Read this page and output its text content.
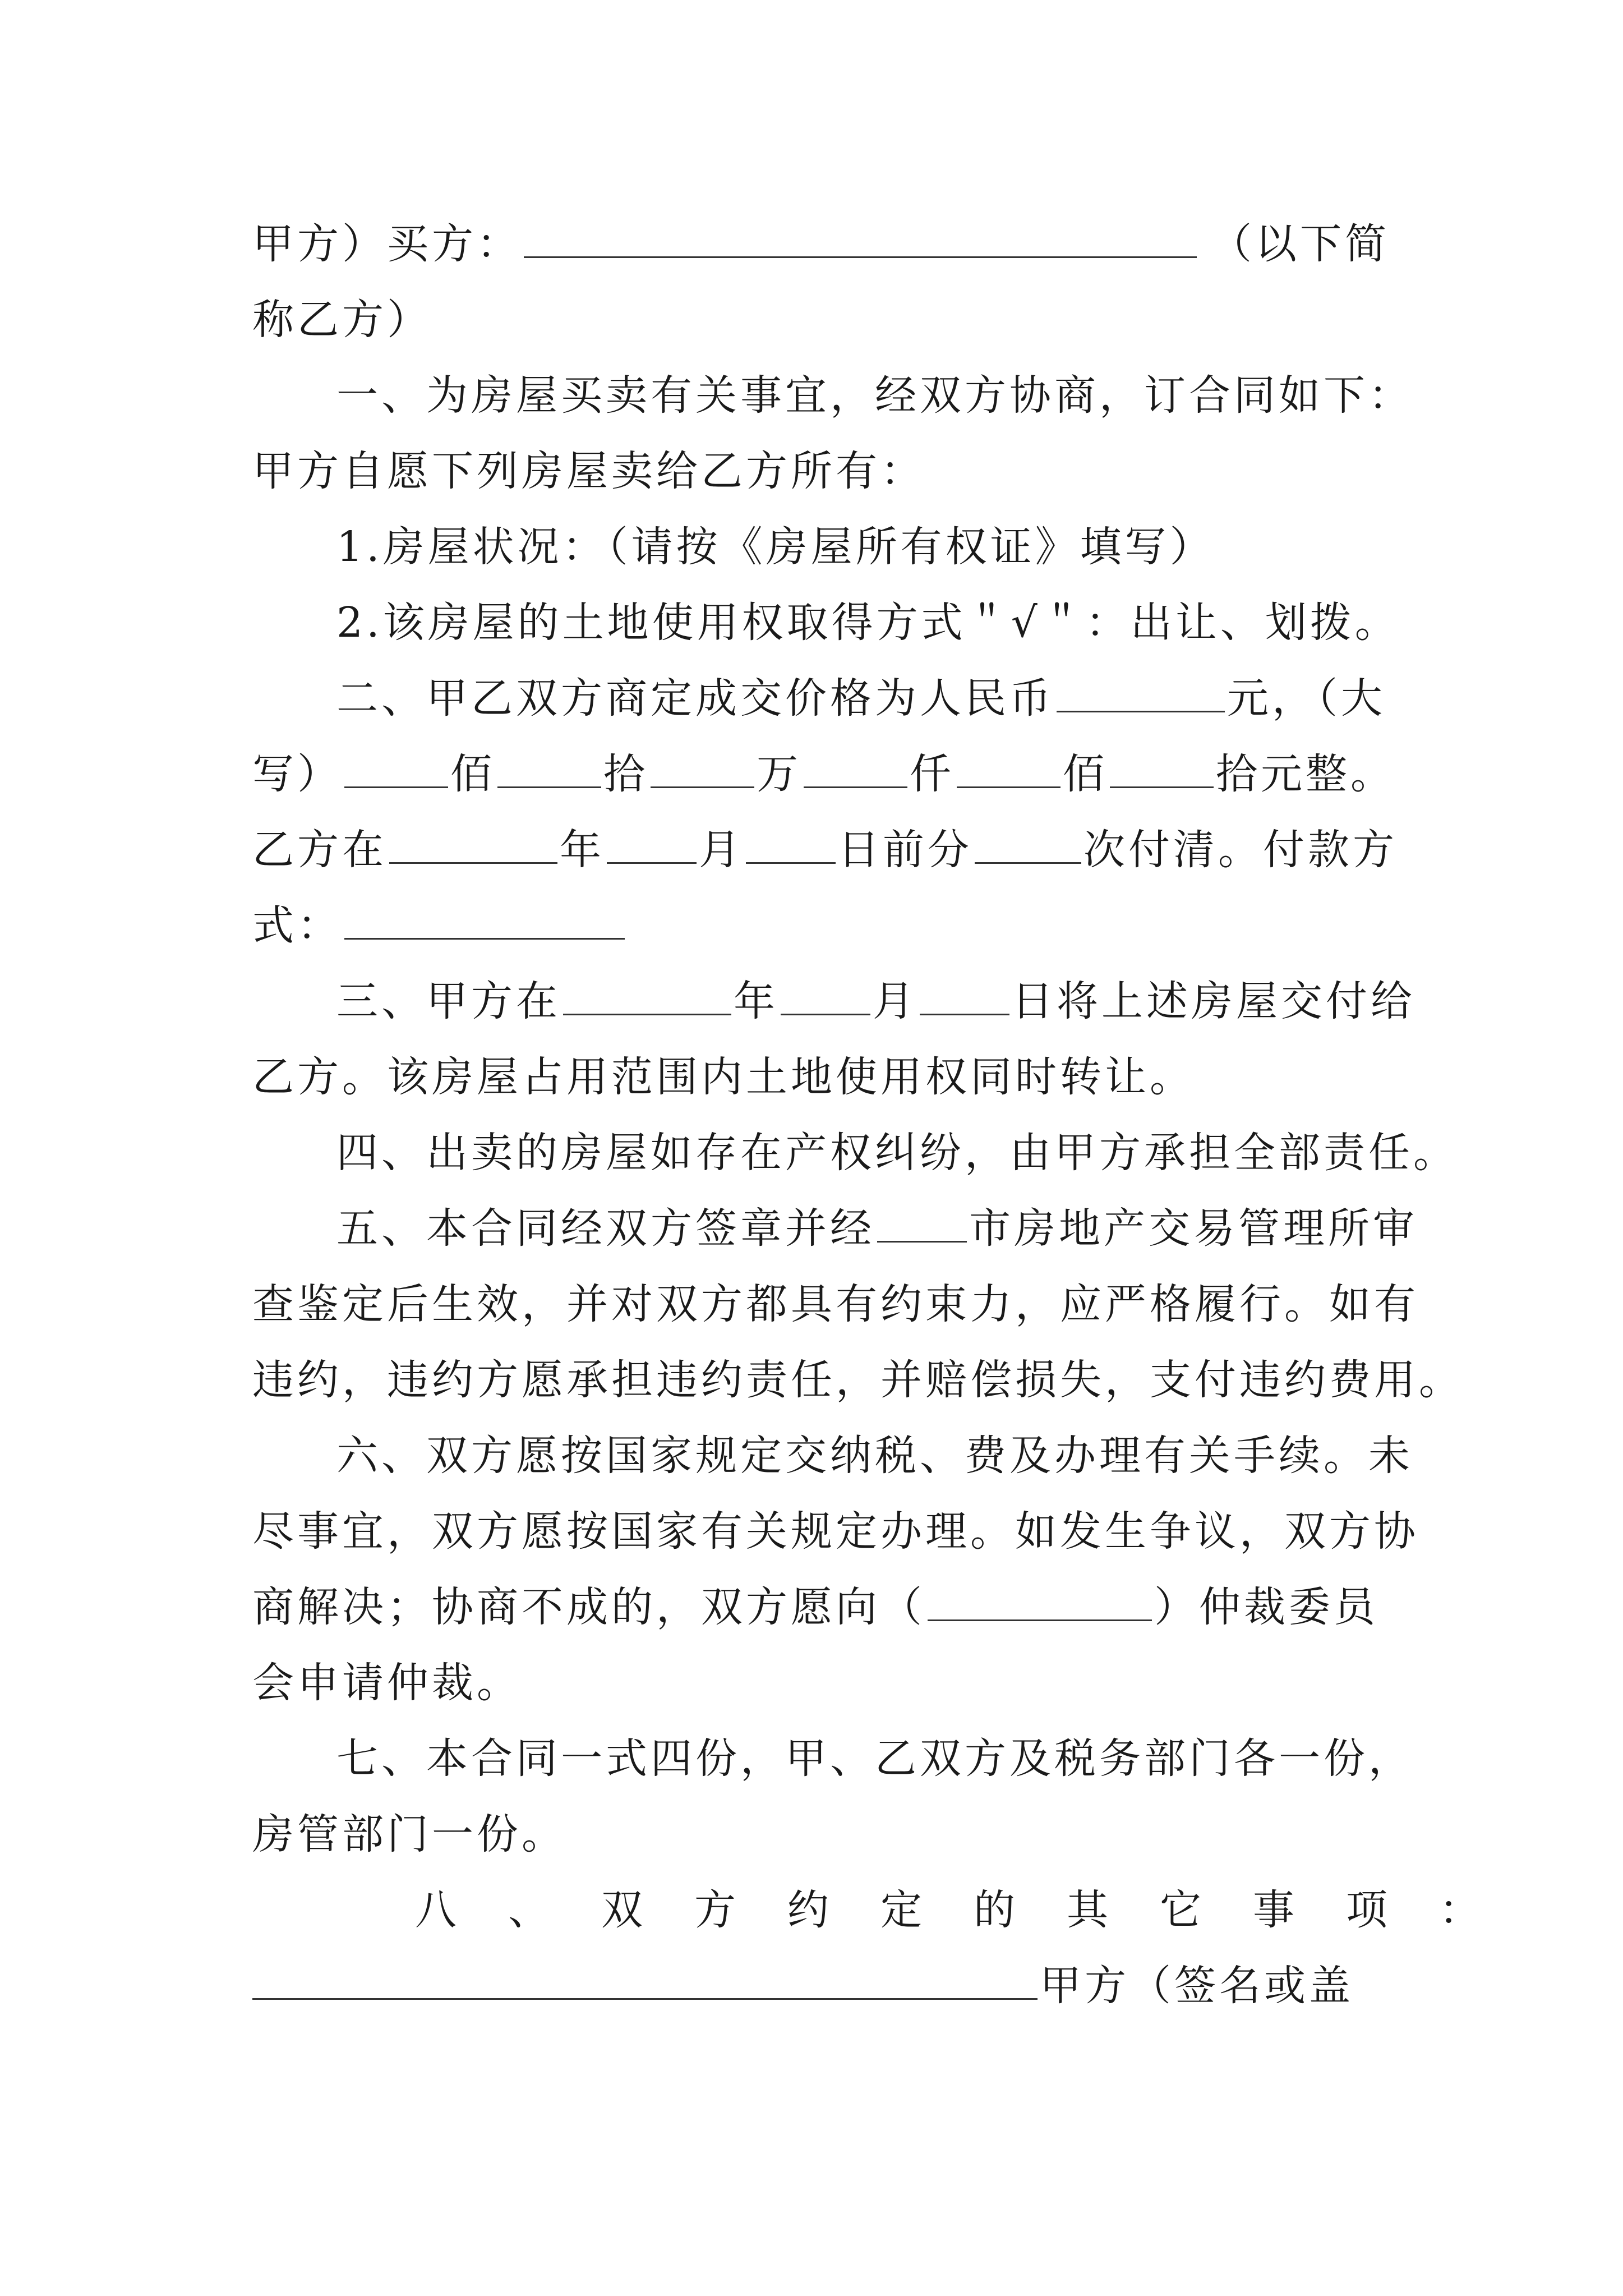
甲方）买方：	（以下简
称乙方）
一、为房屋买卖有关事宜，经双方协商，订合同如下：
甲方自愿下列房屋卖给乙方所有：
1.房屋状况：（请按《房屋所有权证》填写）
2.该房屋的土地使用权取得方式＂√＂：出让、划拨。
二、甲乙双方商定成交价格为人民币	元，（大
写）	佰	拾	万	仟	佰	拾元整。
乙方在	年 月 日前分	次付清。付款方
式：
三、甲方在	年 月 日将上述房屋交付给
乙方。该房屋占用范围内土地使用权同时转让。
四、出卖的房屋如存在产权纠纷，由甲方承担全部责任。
五、本合同经双方签章并经 市房地产交易管理所审
查鉴定后生效，并对双方都具有约束力，应严格履行。如有
违约，违约方愿承担违约责任，并赔偿损失，支付违约费用。
六、双方愿按国家规定交纳税、费及办理有关手续。未
尽事宜，双方愿按国家有关规定办理。如发生争议，双方协
商解决；协商不成的，双方愿向（	）仲裁委员
会申请仲裁。
七、本合同一式四份，甲、乙双方及税务部门各一份，
房管部门一份。
八、双方约定的其它事项：
甲方（签名或盖
